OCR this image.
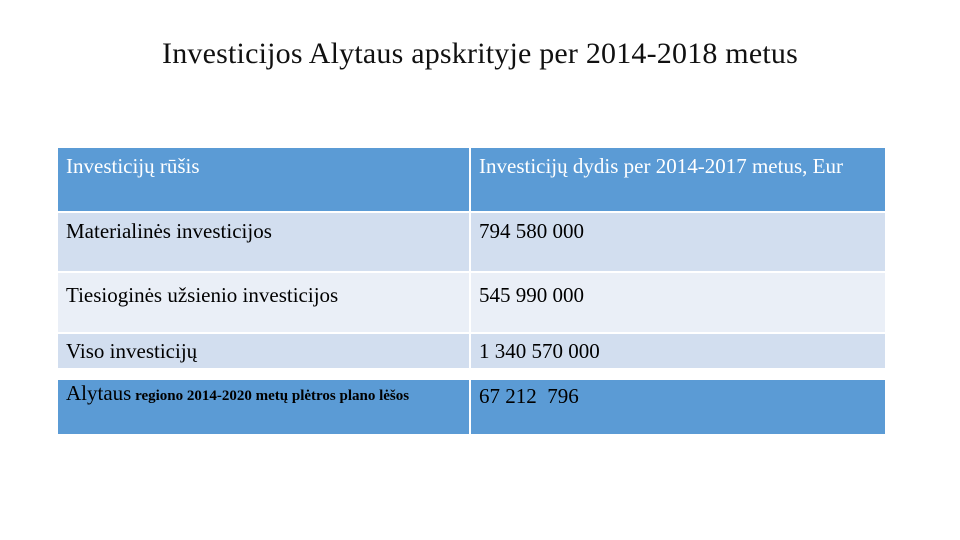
Investicijos Alytaus apskrityje per 2014-2018 metus
Investicijų rūšis	Investicijų dydis per 2014-2017 metus, Eur
Materialinės investicijos	794 580 000
Tiesioginės užsienio investicijos	545 990 000
Viso investicijų	1 340 570 000
Alytaus regiono 2014-2020 metų plėtros plano lėšos	67 212  796
